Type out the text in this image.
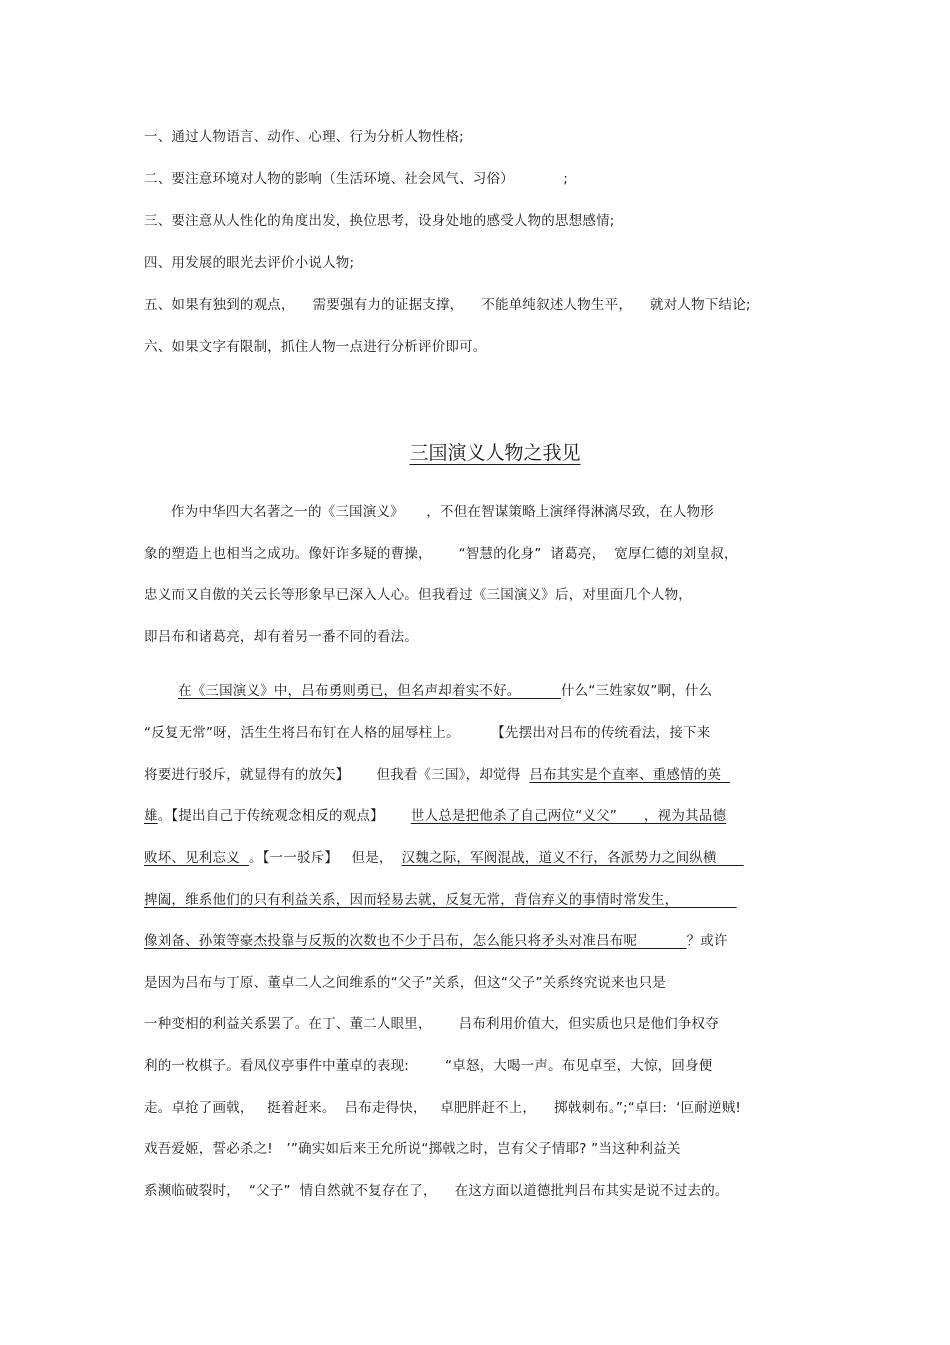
一、通过人物语言、动作、心理、行为分析人物性格;
二、要注意环境对人物的影响（生活环境、社会风气、习俗）           ;
三、要注意从人性化的角度出发，换位思考，设身处地的感受人物的思想感情;
四、用发展的眼光去评价小说人物;
五、如果有独到的观点，    需要强有力的证据支撑，    不能单纯叙述人物生平，    就对人物下结论;
六、如果文字有限制，抓住人物一点进行分析评价即可。
三国演义人物之我见
作为中华四大名著之一的《三国演义》     ，不但在智谋策略上演绎得淋漓尽致，在人物形
象的塑造上也相当之成功。像奸诈多疑的曹操，      “智慧的化身”  诸葛亮，  宽厚仁德的刘皇叔，
忠义而又自傲的关云长等形象早已深入人心。但我看过《三国演义》后，对里面几个人物，
即吕布和诸葛亮，却有着另一番不同的看法。
在《三国演义》中，吕布勇则勇已，但名声却着实不好。         什么“三姓家奴”啊，什么
“反复无常”呀，活生生将吕布钉在人格的屈辱柱上。       【先摆出对吕布的传统看法，接下来
将要进行驳斥，就显得有的放矢】      但我看《三国》，却觉得  吕布其实是个直率、重感情的英
雄。【提出自己于传统观念相反的观点】      世人总是把他杀了自己两位“义父”      ，视为其品德
败坏、见利忘义  。【一一驳斥】   但是，  汉魏之际，军阀混战，道义不行，各派势力之间纵横
捭阖，维系他们的只有利益关系，因而轻易去就，反复无常，背信弃义的事情时常发生，
像刘备、孙策等豪杰投靠与反叛的次数也不少于吕布，怎么能只将矛头对准吕布呢           ？或许
是因为吕布与丁原、董卓二人之间维系的“父子”关系，但这“父子”关系终究说来也只是
一种变相的利益关系罢了。在丁、董二人眼里，      吕布利用价值大，但实质也只是他们争权夺
利的一枚棋子。看凤仪亭事件中董卓的表现:        “卓怒，大喝一声。布见卓至，大惊，回身便
走。卓抢了画戟，   挺着赶来。  吕布走得快，   卓肥胖赶不上，    掷戟刺布。”;“卓曰:  ‘叵耐逆贼!
戏吾爱姬，誓必杀之!   ’”确实如后来王允所说“掷戟之时，岂有父子情耶? ”当这种利益关
系濒临破裂时，  “父子”  情自然就不复存在了，    在这方面以道德批判吕布其实是说不过去的。
